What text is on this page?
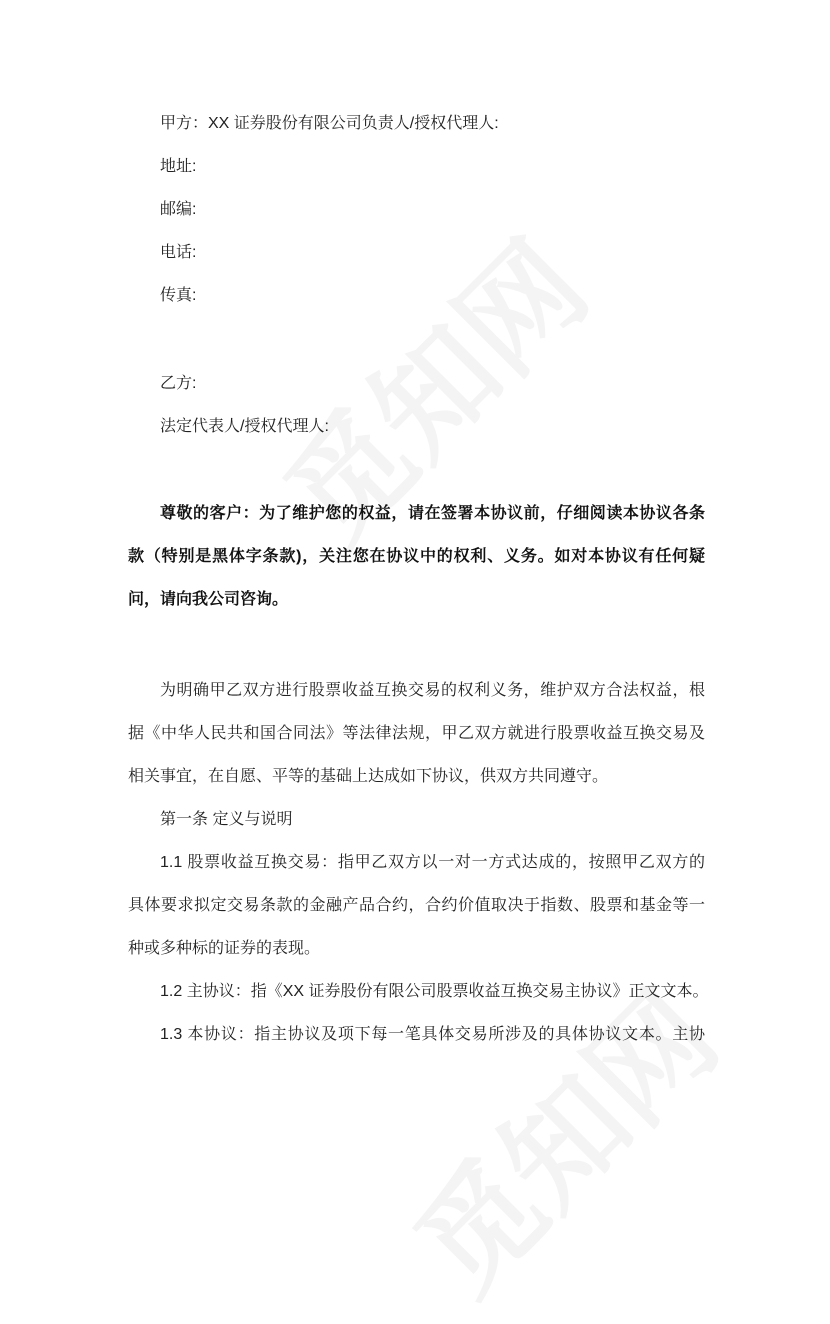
甲方：XX 证券股份有限公司负责人/授权代理人:
地址:
邮编:
电话:
传真:
乙方:
法定代表人/授权代理人:
尊敬的客户：为了维护您的权益，请在签署本协议前，仔细阅读本协议各条
款（特别是黑体字条款)，关注您在协议中的权利、义务。如对本协议有任何疑
问，请向我公司咨询。
为明确甲乙双方进行股票收益互换交易的权利义务，维护双方合法权益，根
据《中华人民共和国合同法》等法律法规，甲乙双方就进行股票收益互换交易及
相关事宜，在自愿、平等的基础上达成如下协议，供双方共同遵守。
第一条 定义与说明
1.1 股票收益互换交易：指甲乙双方以一对一方式达成的，按照甲乙双方的
具体要求拟定交易条款的金融产品合约，合约价值取决于指数、股票和基金等一
种或多种标的证券的表现。
1.2 主协议：指《XX 证券股份有限公司股票收益互换交易主协议》正文文本。
1.3 本协议：指主协议及项下每一笔具体交易所涉及的具体协议文本。主协
